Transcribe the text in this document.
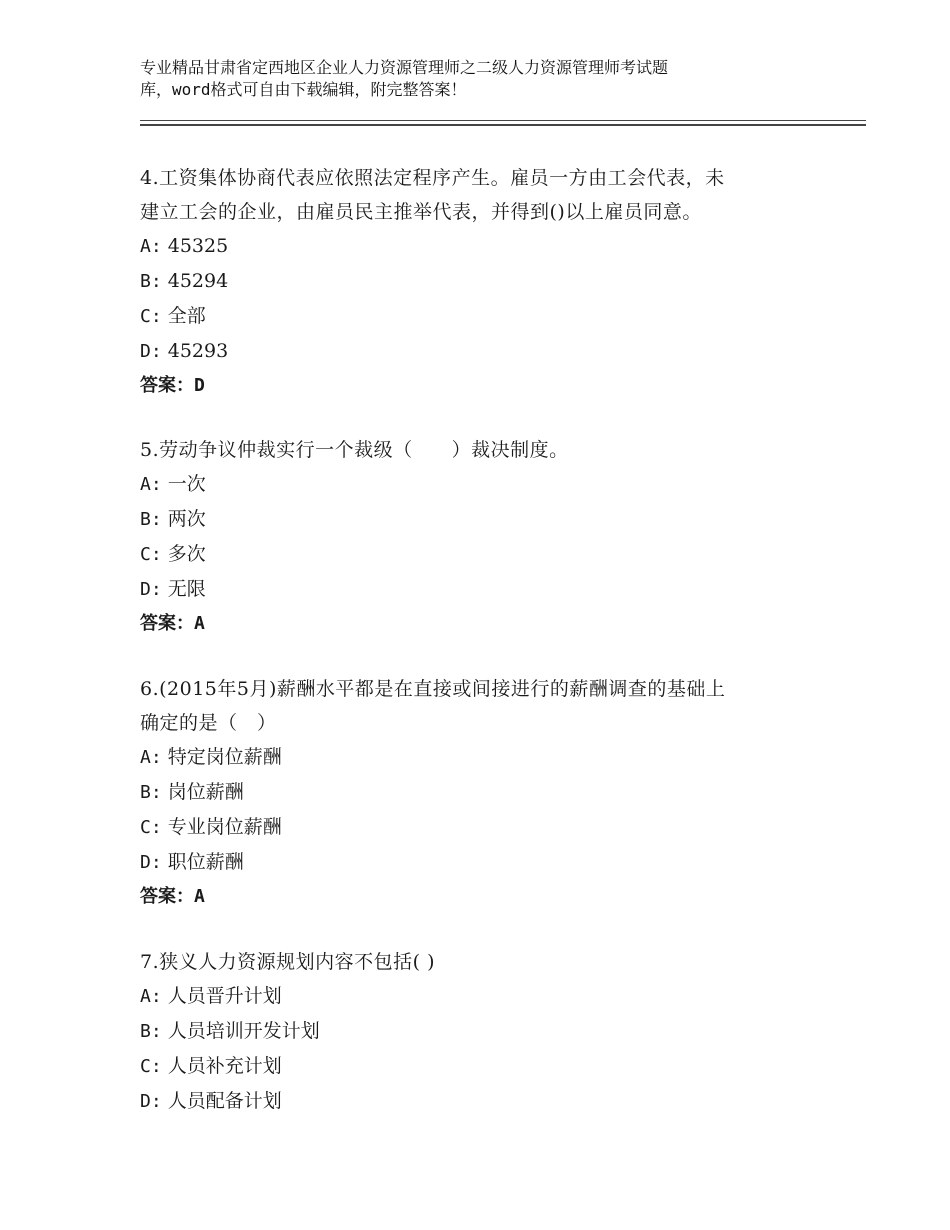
专业精品甘肃省定西地区企业人力资源管理师之二级人力资源管理师考试题
库，word格式可自由下载编辑，附完整答案！
4.工资集体协商代表应依照法定程序产生。雇员一方由工会代表，未
建立工会的企业，由雇员民主推举代表，并得到()以上雇员同意。
A: 45325
B: 45294
C: 全部
D: 45293
答案：D
5.劳动争议仲裁实行一个裁级（　　）裁决制度。
A: 一次
B: 两次
C: 多次
D: 无限
答案：A
6.(2015年5月)薪酬水平都是在直接或间接进行的薪酬调查的基础上
确定的是（　）
A: 特定岗位薪酬
B: 岗位薪酬
C: 专业岗位薪酬
D: 职位薪酬
答案：A
7.狭义人力资源规划内容不包括( )
A: 人员晋升计划
B: 人员培训开发计划
C: 人员补充计划
D: 人员配备计划
